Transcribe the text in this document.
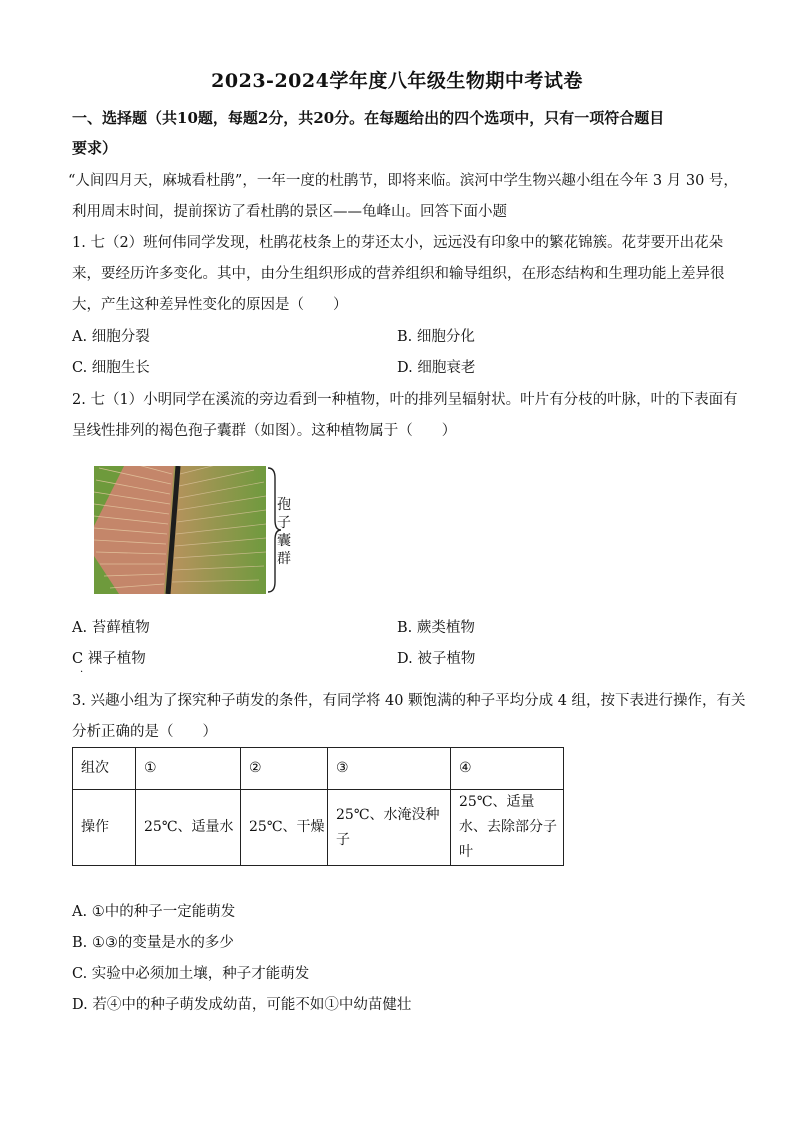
2023-2024学年度八年级生物期中考试卷
一、选择题（共10题，每题2分，共20分。在每题给出的四个选项中，只有一项符合题目
要求）
“人间四月天，麻城看杜鹃”，一年一度的杜鹃节，即将来临。滨河中学生物兴趣小组在今年 3 月 30 号，
利用周末时间，提前探访了看杜鹃的景区——龟峰山。回答下面小题
1. 七（2）班何伟同学发现，杜鹃花枝条上的芽还太小，远远没有印象中的繁花锦簇。花芽要开出花朵
来，要经历许多变化。其中，由分生组织形成的营养组织和输导组织，在形态结构和生理功能上差异很
大，产生这种差异性变化的原因是（　　）
A. 细胞分裂	B. 细胞分化
C. 细胞生长	D. 细胞衰老
2. 七（1）小明同学在溪流的旁边看到一种植物，叶的排列呈辐射状。叶片有分枝的叶脉，叶的下表面有
呈线性排列的褐色孢子囊群（如图）。这种植物属于（　　）
孢子囊群
A. 苔藓植物	B. 蕨类植物
C 裸子植物	D. 被子植物
·
3. 兴趣小组为了探究种子萌发的条件，有同学将 40 颗饱满的种子平均分成 4 组，按下表进行操作，有关
分析正确的是（　　）
组次	①	②	③	④
操作	25℃、适量水	25℃、干燥	25℃、水淹没种子	25℃、适量水、去除部分子叶
A. ①中的种子一定能萌发
B. ①③的变量是水的多少
C. 实验中必须加土壤，种子才能萌发
D. 若④中的种子萌发成幼苗，可能不如①中幼苗健壮
